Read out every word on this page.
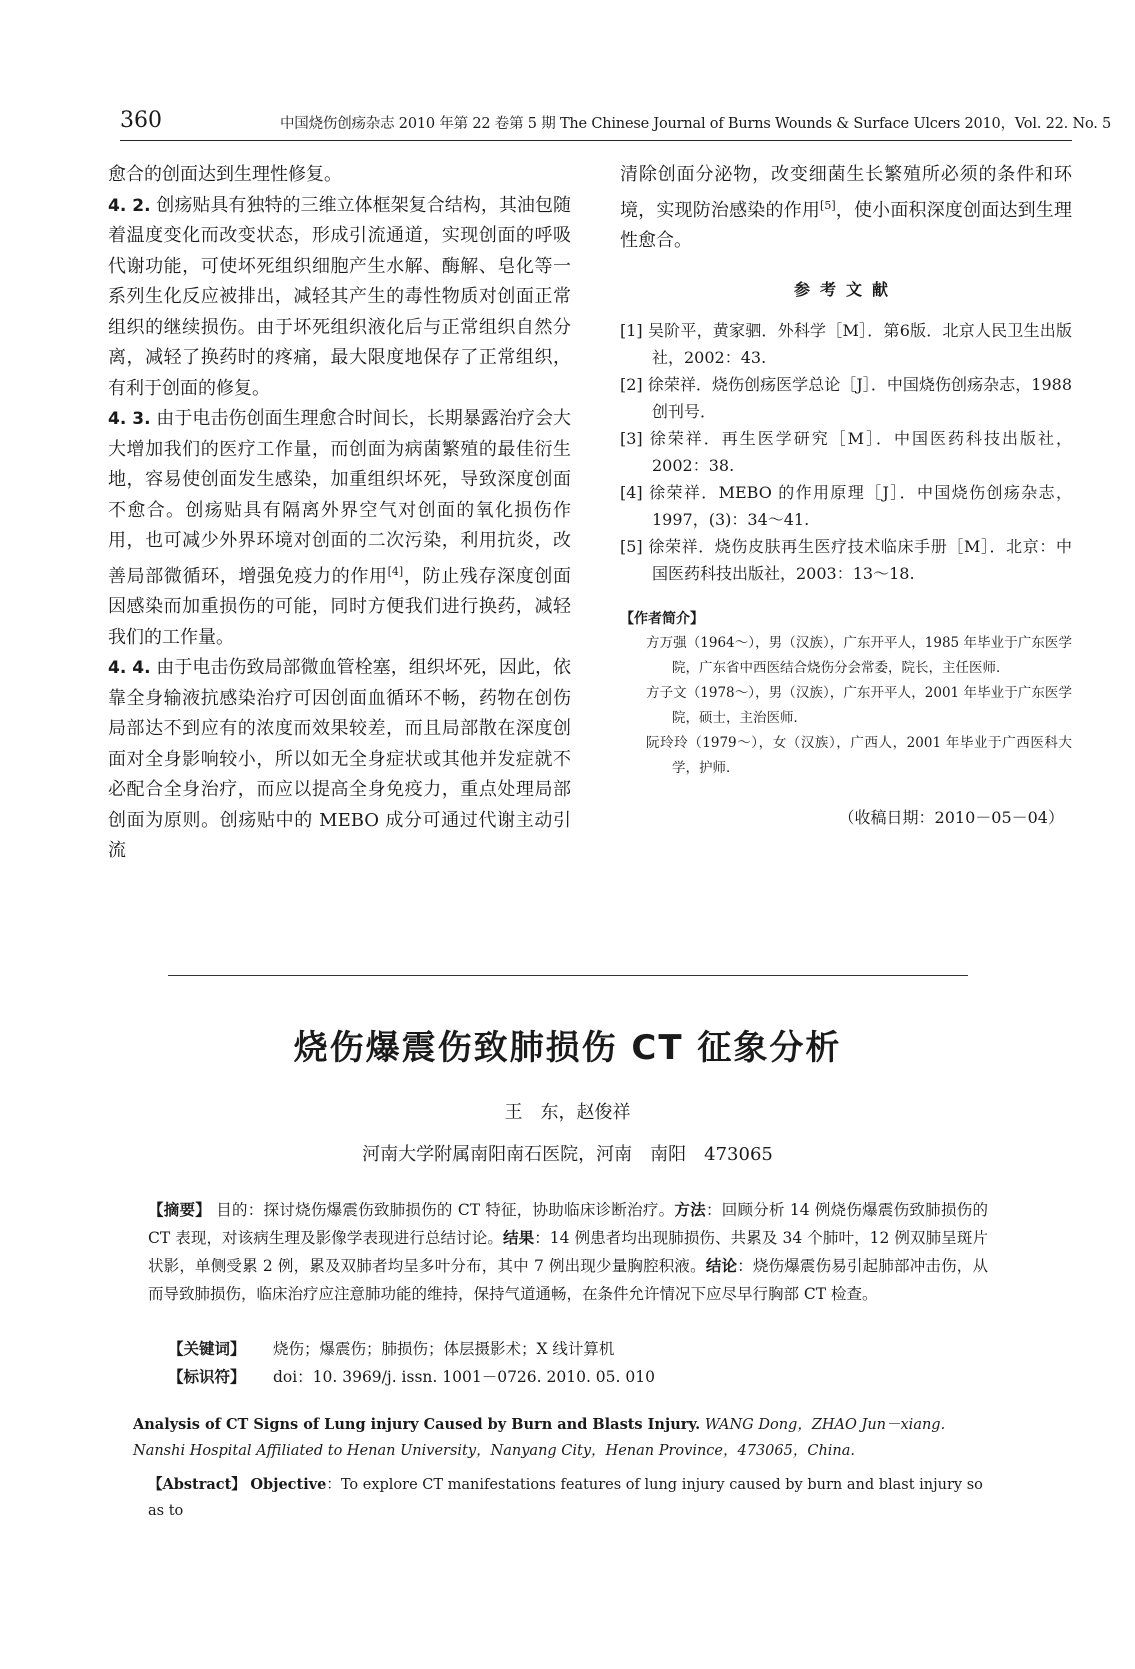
360	中国烧伤创疡杂志 2010 年第 22 卷第 5 期 The Chinese Journal of Burns Wounds & Surface Ulcers 2010，Vol. 22. No. 5

愈合的创面达到生理性修复。

4. 2. 创疡贴具有独特的三维立体框架复合结构，其油包随着温度变化而改变状态，形成引流通道，实现创面的呼吸代谢功能，可使坏死组织细胞产生水解、酶解、皂化等一系列生化反应被排出，减轻其产生的毒性物质对创面正常组织的继续损伤。由于坏死组织液化后与正常组织自然分离，减轻了换药时的疼痛，最大限度地保存了正常组织，有利于创面的修复。

4. 3. 由于电击伤创面生理愈合时间长，长期暴露治疗会大大增加我们的医疗工作量，而创面为病菌繁殖的最佳衍生地，容易使创面发生感染，加重组织坏死，导致深度创面不愈合。创疡贴具有隔离外界空气对创面的氧化损伤作用，也可减少外界环境对创面的二次污染，利用抗炎，改善局部微循环，增强免疫力的作用[4]，防止残存深度创面因感染而加重损伤的可能，同时方便我们进行换药，减轻我们的工作量。

4. 4. 由于电击伤致局部微血管栓塞，组织坏死，因此，依靠全身输液抗感染治疗可因创面血循环不畅，药物在创伤局部达不到应有的浓度而效果较差，而且局部散在深度创面对全身影响较小，所以如无全身症状或其他并发症就不必配合全身治疗，而应以提高全身免疫力，重点处理局部创面为原则。创疡贴中的 MEBO 成分可通过代谢主动引流

清除创面分泌物，改变细菌生长繁殖所必须的条件和环境，实现防治感染的作用[5]，使小面积深度创面达到生理性愈合。

参考文献

[1] 吴阶平，黄家驷．外科学［M］．第6版．北京人民卫生出版社，2002：43.

[2] 徐荣祥．烧伤创疡医学总论［J］．中国烧伤创疡杂志，1988 创刊号．

[3] 徐荣祥．再生医学研究［M］．中国医药科技出版社，2002：38.

[4] 徐荣祥．MEBO 的作用原理［J］．中国烧伤创疡杂志，1997，(3)：34～41.

[5] 徐荣祥．烧伤皮肤再生医疗技术临床手册［M］．北京：中国医药科技出版社，2003：13～18.

【作者简介】

方万强（1964～），男（汉族），广东开平人，1985 年毕业于广东医学院，广东省中西医结合烧伤分会常委，院长，主任医师．

方子文（1978～），男（汉族），广东开平人，2001 年毕业于广东医学院，硕士，主治医师．

阮玲玲（1979～），女（汉族），广西人，2001 年毕业于广西医科大学，护师．

（收稿日期：2010－05－04）
烧伤爆震伤致肺损伤 CT 征象分析
王　东，赵俊祥
河南大学附属南阳南石医院，河南　南阳　473065
【摘要】 目的：探讨烧伤爆震伤致肺损伤的 CT 特征，协助临床诊断治疗。方法：回顾分析 14 例烧伤爆震伤致肺损伤的 CT 表现，对该病生理及影像学表现进行总结讨论。结果：14 例患者均出现肺损伤、共累及 34 个肺叶，12 例双肺呈斑片状影，单侧受累 2 例，累及双肺者均呈多叶分布，其中 7 例出现少量胸腔积液。结论：烧伤爆震伤易引起肺部冲击伤，从而导致肺损伤，临床治疗应注意肺功能的维持，保持气道通畅，在条件允许情况下应尽早行胸部 CT 检查。
【关键词】 烧伤；爆震伤；肺损伤；体层摄影术；X 线计算机
【标识符】 doi：10. 3969/j. issn. 1001－0726. 2010. 05. 010
Analysis of CT Signs of Lung injury Caused by Burn and Blasts Injury. WANG Dong，ZHAO Jun－xiang. Nanshi Hospital Affiliated to Henan University，Nanyang City，Henan Province，473065，China.
【Abstract】 Objective：To explore CT manifestations features of lung injury caused by burn and blast injury so as to
